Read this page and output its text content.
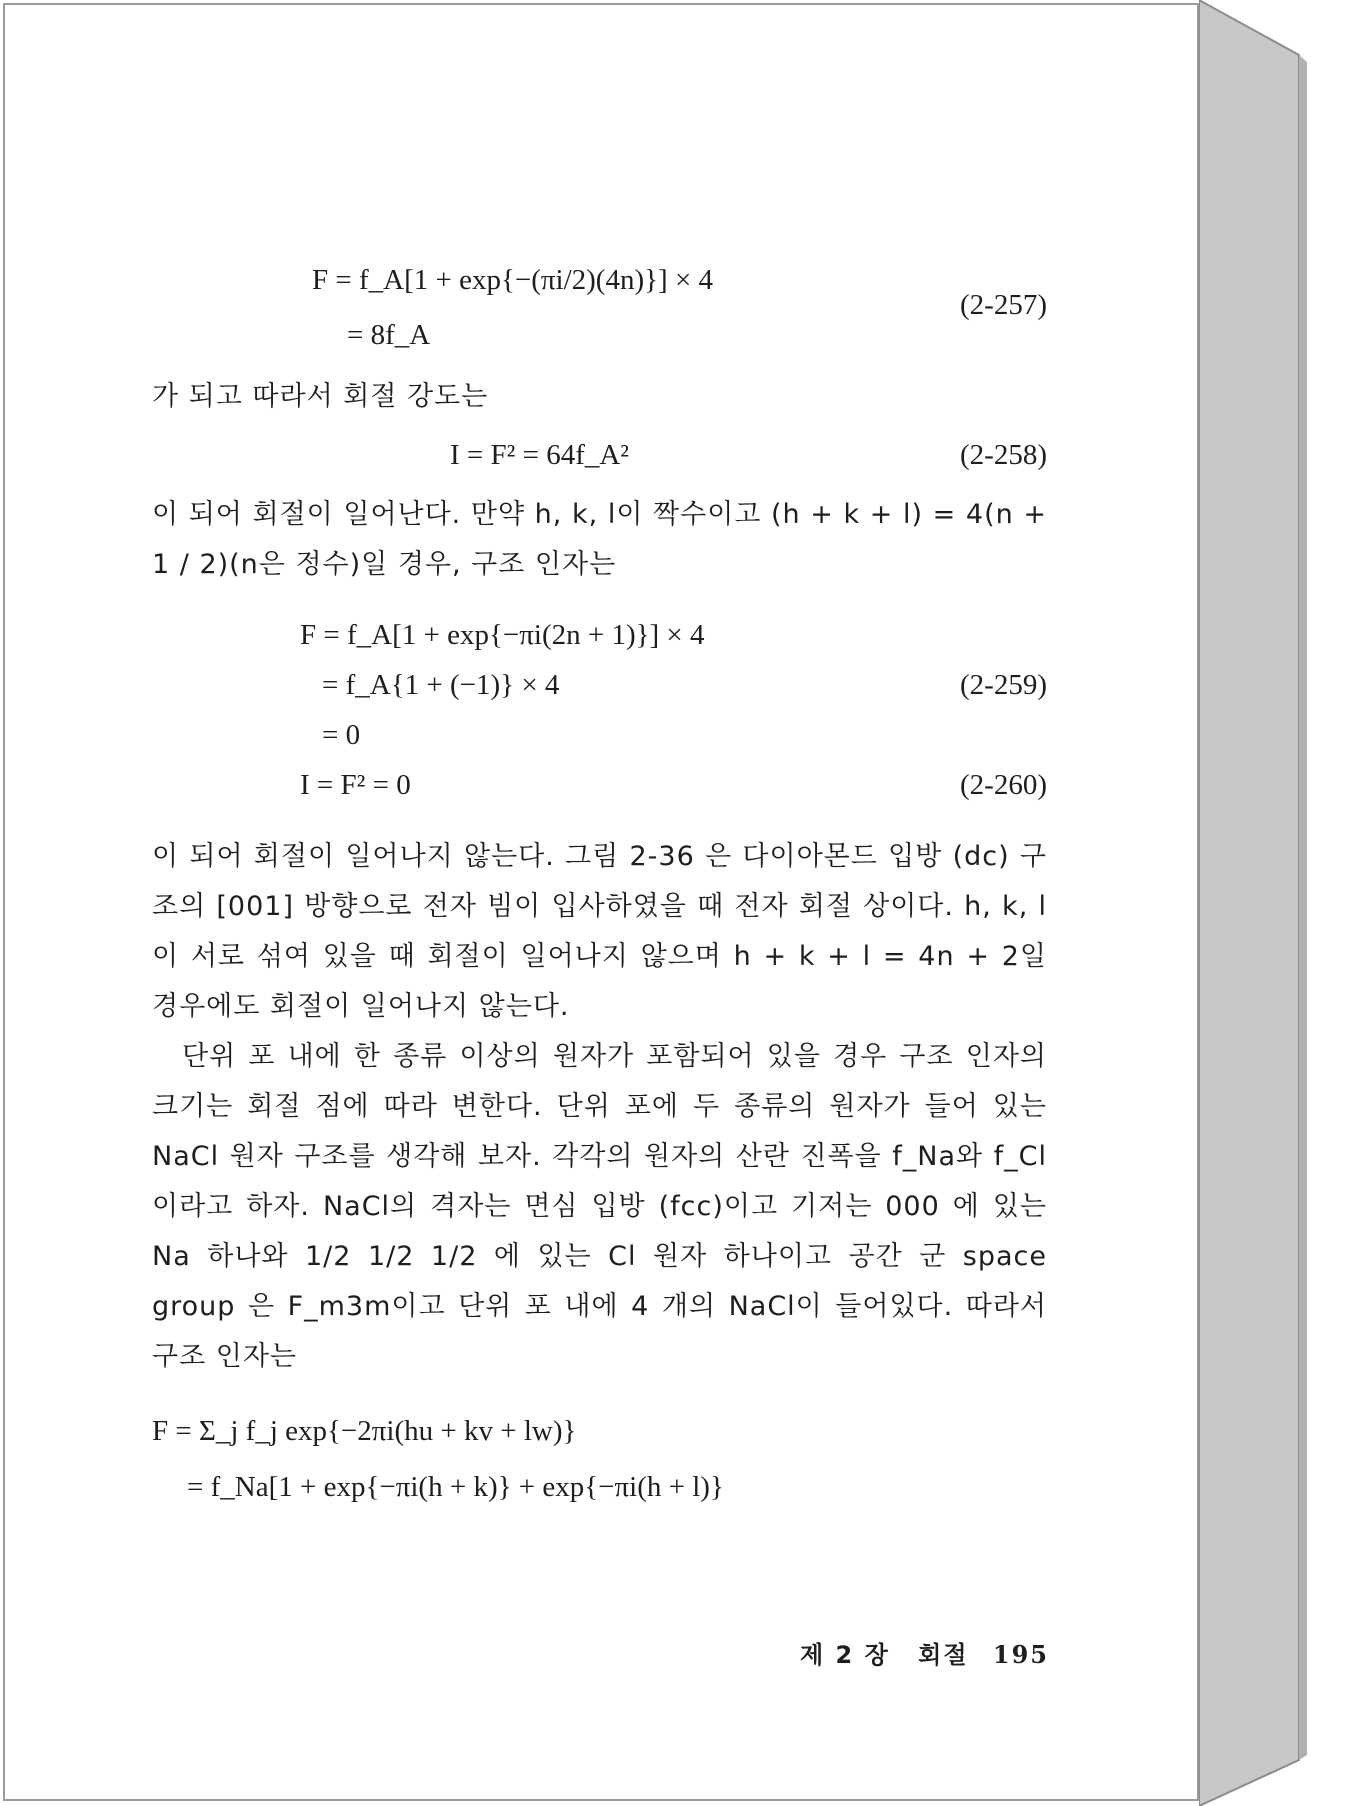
F = f_A[1 + exp{−(πi/2)(4n)}] × 4
= 8f_A
(2-257)

가 되고 따라서 회절 강도는

I = F² = 64f_A²	(2-258)

이 되어 회절이 일어난다. 만약 h, k, l이 짝수이고 (h + k + l) = 4(n + 1 / 2)(n은 정수)일 경우, 구조 인자는

F = f_A[1 + exp{−πi(2n + 1)}] × 4
= f_A{1 + (−1)} × 4
= 0
(2-259)
I = F² = 0	(2-260)

이 되어 회절이 일어나지 않는다. 그림 2-36 은 다이아몬드 입방 (dc) 구조의 [001] 방향으로 전자 빔이 입사하였을 때 전자 회절 상이다. h, k, l이 서로 섞여 있을 때 회절이 일어나지 않으며 h + k + l = 4n + 2일 경우에도 회절이 일어나지 않는다.

단위 포 내에 한 종류 이상의 원자가 포함되어 있을 경우 구조 인자의 크기는 회절 점에 따라 변한다. 단위 포에 두 종류의 원자가 들어 있는 NaCl 원자 구조를 생각해 보자. 각각의 원자의 산란 진폭을 f_Na와 f_Cl이라고 하자. NaCl의 격자는 면심 입방 (fcc)이고 기저는 000 에 있는 Na 하나와 1/2 1/2 1/2 에 있는 Cl 원자 하나이고 공간 군 space group 은 F_m3m이고 단위 포 내에 4 개의 NaCl이 들어있다. 따라서 구조 인자는

F = Σ_j f_j exp{−2πi(hu + kv + lw)}
= f_Na[1 + exp{−πi(h + k)} + exp{−πi(h + l)}
제 2 장 회절 195
